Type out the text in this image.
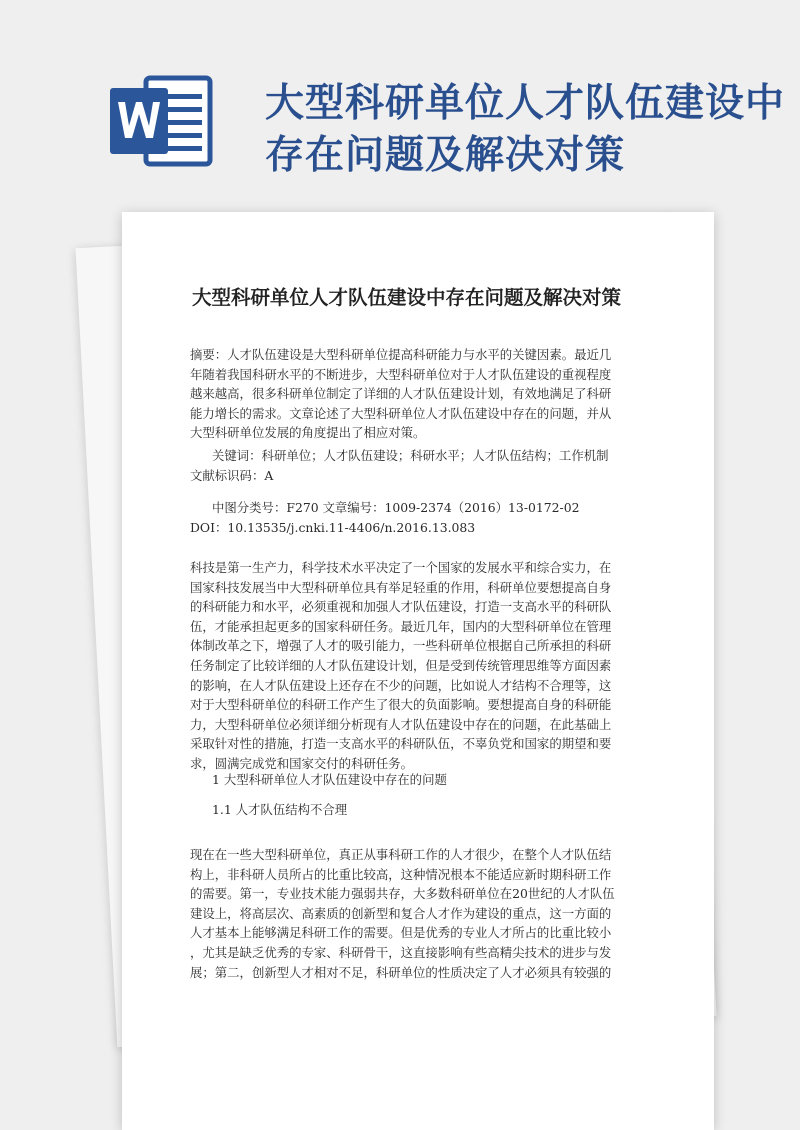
大型科研单位人才队伍建设中
存在问题及解决对策
大型科研单位人才队伍建设中存在问题及解决对策
摘要：人才队伍建设是大型科研单位提高科研能力与水平的关键因素。最近几
年随着我国科研水平的不断进步，大型科研单位对于人才队伍建设的重视程度
越来越高，很多科研单位制定了详细的人才队伍建设计划，有效地满足了科研
能力增长的需求。文章论述了大型科研单位人才队伍建设中存在的问题，并从
大型科研单位发展的角度提出了相应对策。
关键词：科研单位；人才队伍建设；科研水平；人才队伍结构；工作机制
文献标识码：A
中图分类号：F270 文章编号：1009-2374（2016）13-0172-02
DOI：10.13535/j.cnki.11-4406/n.2016.13.083
科技是第一生产力，科学技术水平决定了一个国家的发展水平和综合实力，在
国家科技发展当中大型科研单位具有举足轻重的作用，科研单位要想提高自身
的科研能力和水平，必须重视和加强人才队伍建设，打造一支高水平的科研队
伍，才能承担起更多的国家科研任务。最近几年，国内的大型科研单位在管理
体制改革之下，增强了人才的吸引能力，一些科研单位根据自己所承担的科研
任务制定了比较详细的人才队伍建设计划，但是受到传统管理思维等方面因素
的影响，在人才队伍建设上还存在不少的问题，比如说人才结构不合理等，这
对于大型科研单位的科研工作产生了很大的负面影响。要想提高自身的科研能
力，大型科研单位必须详细分析现有人才队伍建设中存在的问题，在此基础上
采取针对性的措施，打造一支高水平的科研队伍，不辜负党和国家的期望和要
求，圆满完成党和国家交付的科研任务。
1 大型科研单位人才队伍建设中存在的问题
1.1 人才队伍结构不合理
现在在一些大型科研单位，真正从事科研工作的人才很少，在整个人才队伍结
构上，非科研人员所占的比重比较高，这种情况根本不能适应新时期科研工作
的需要。第一，专业技术能力强弱共存，大多数科研单位在20世纪的人才队伍
建设上，将高层次、高素质的创新型和复合人才作为建设的重点，这一方面的
人才基本上能够满足科研工作的需要。但是优秀的专业人才所占的比重比较小
，尤其是缺乏优秀的专家、科研骨干，这直接影响有些高精尖技术的进步与发
展；第二，创新型人才相对不足，科研单位的性质决定了人才必须具有较强的
